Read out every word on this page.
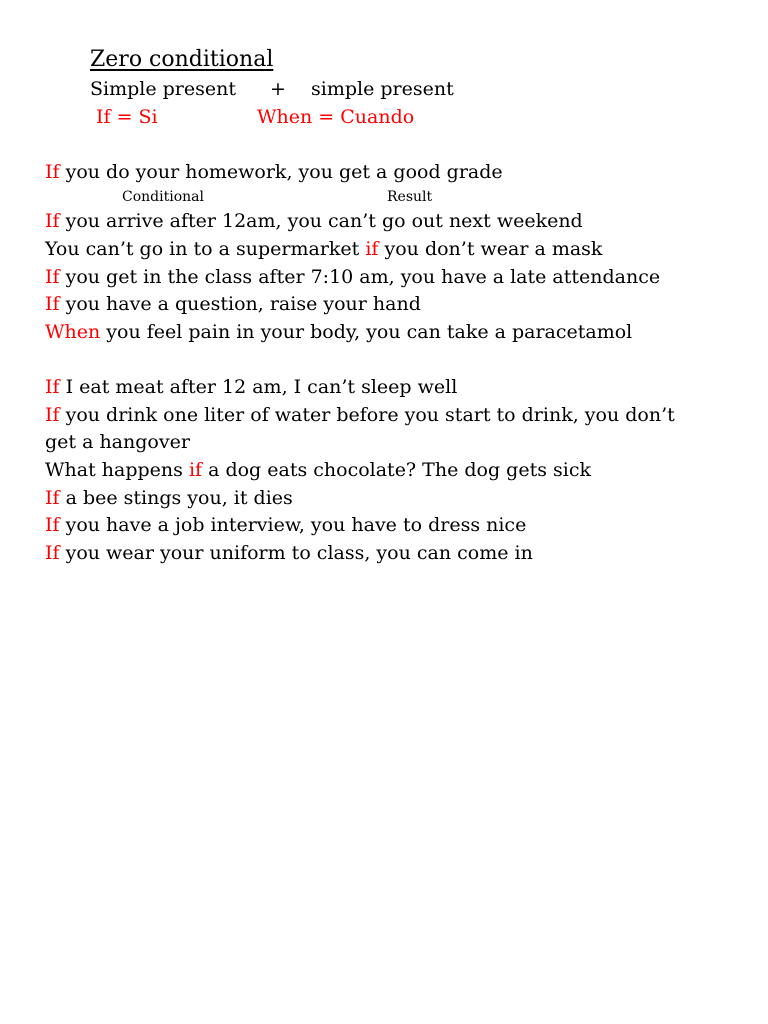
Zero conditional
Simple present + simple present
If = Si	When = Cuando
If you do your homework, you get a good grade
Conditional	Result
If you arrive after 12am, you can’t go out next weekend
You can’t go in to a supermarket if you don’t wear a mask
If you get in the class after 7:10 am, you have a late attendance
If you have a question, raise your hand
When you feel pain in your body, you can take a paracetamol
If I eat meat after 12 am, I can’t sleep well
If you drink one liter of water before you start to drink, you don’t
get a hangover
What happens if a dog eats chocolate? The dog gets sick
If a bee stings you, it dies
If you have a job interview, you have to dress nice
If you wear your uniform to class, you can come in
